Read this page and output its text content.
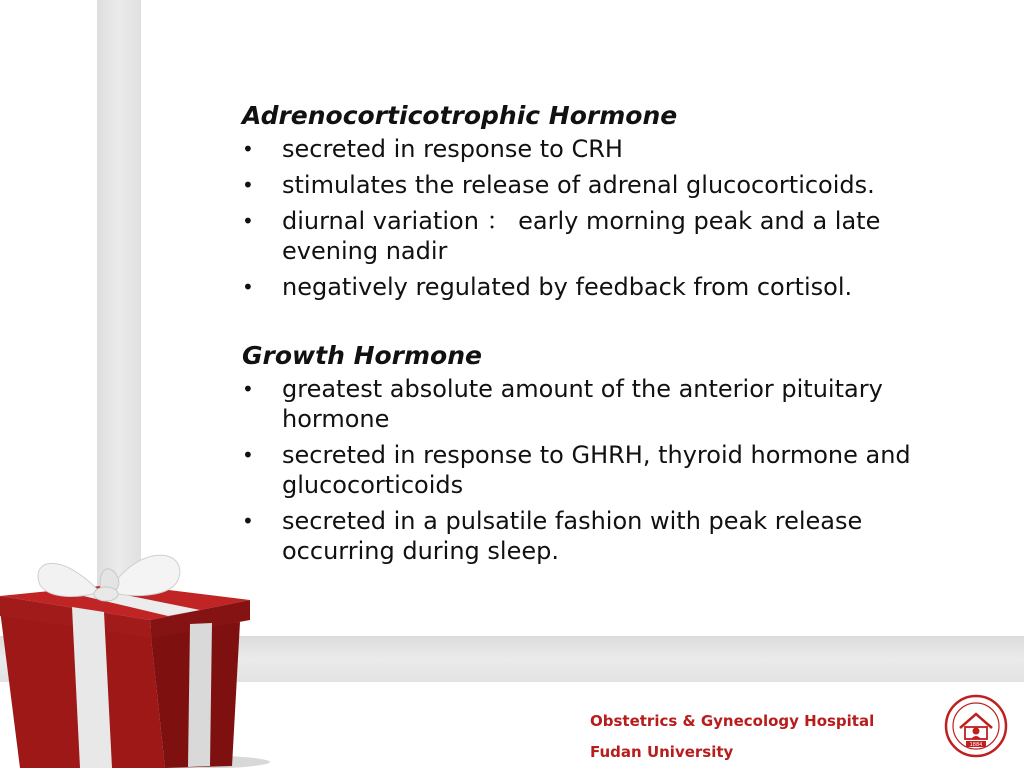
Adrenocorticotrophic Hormone

•	secreted in response to CRH
•	stimulates the release of adrenal glucocorticoids.
•	diurnal variation ： early morning peak and a late evening nadir
•	negatively regulated by feedback from cortisol.

Growth Hormone

•	greatest absolute amount of the anterior pituitary hormone
•	secreted in response to GHRH, thyroid hormone and glucocorticoids
•	secreted in a pulsatile fashion with peak release occurring during sleep.
Obstetrics & Gynecology Hospital
Fudan University	1884
